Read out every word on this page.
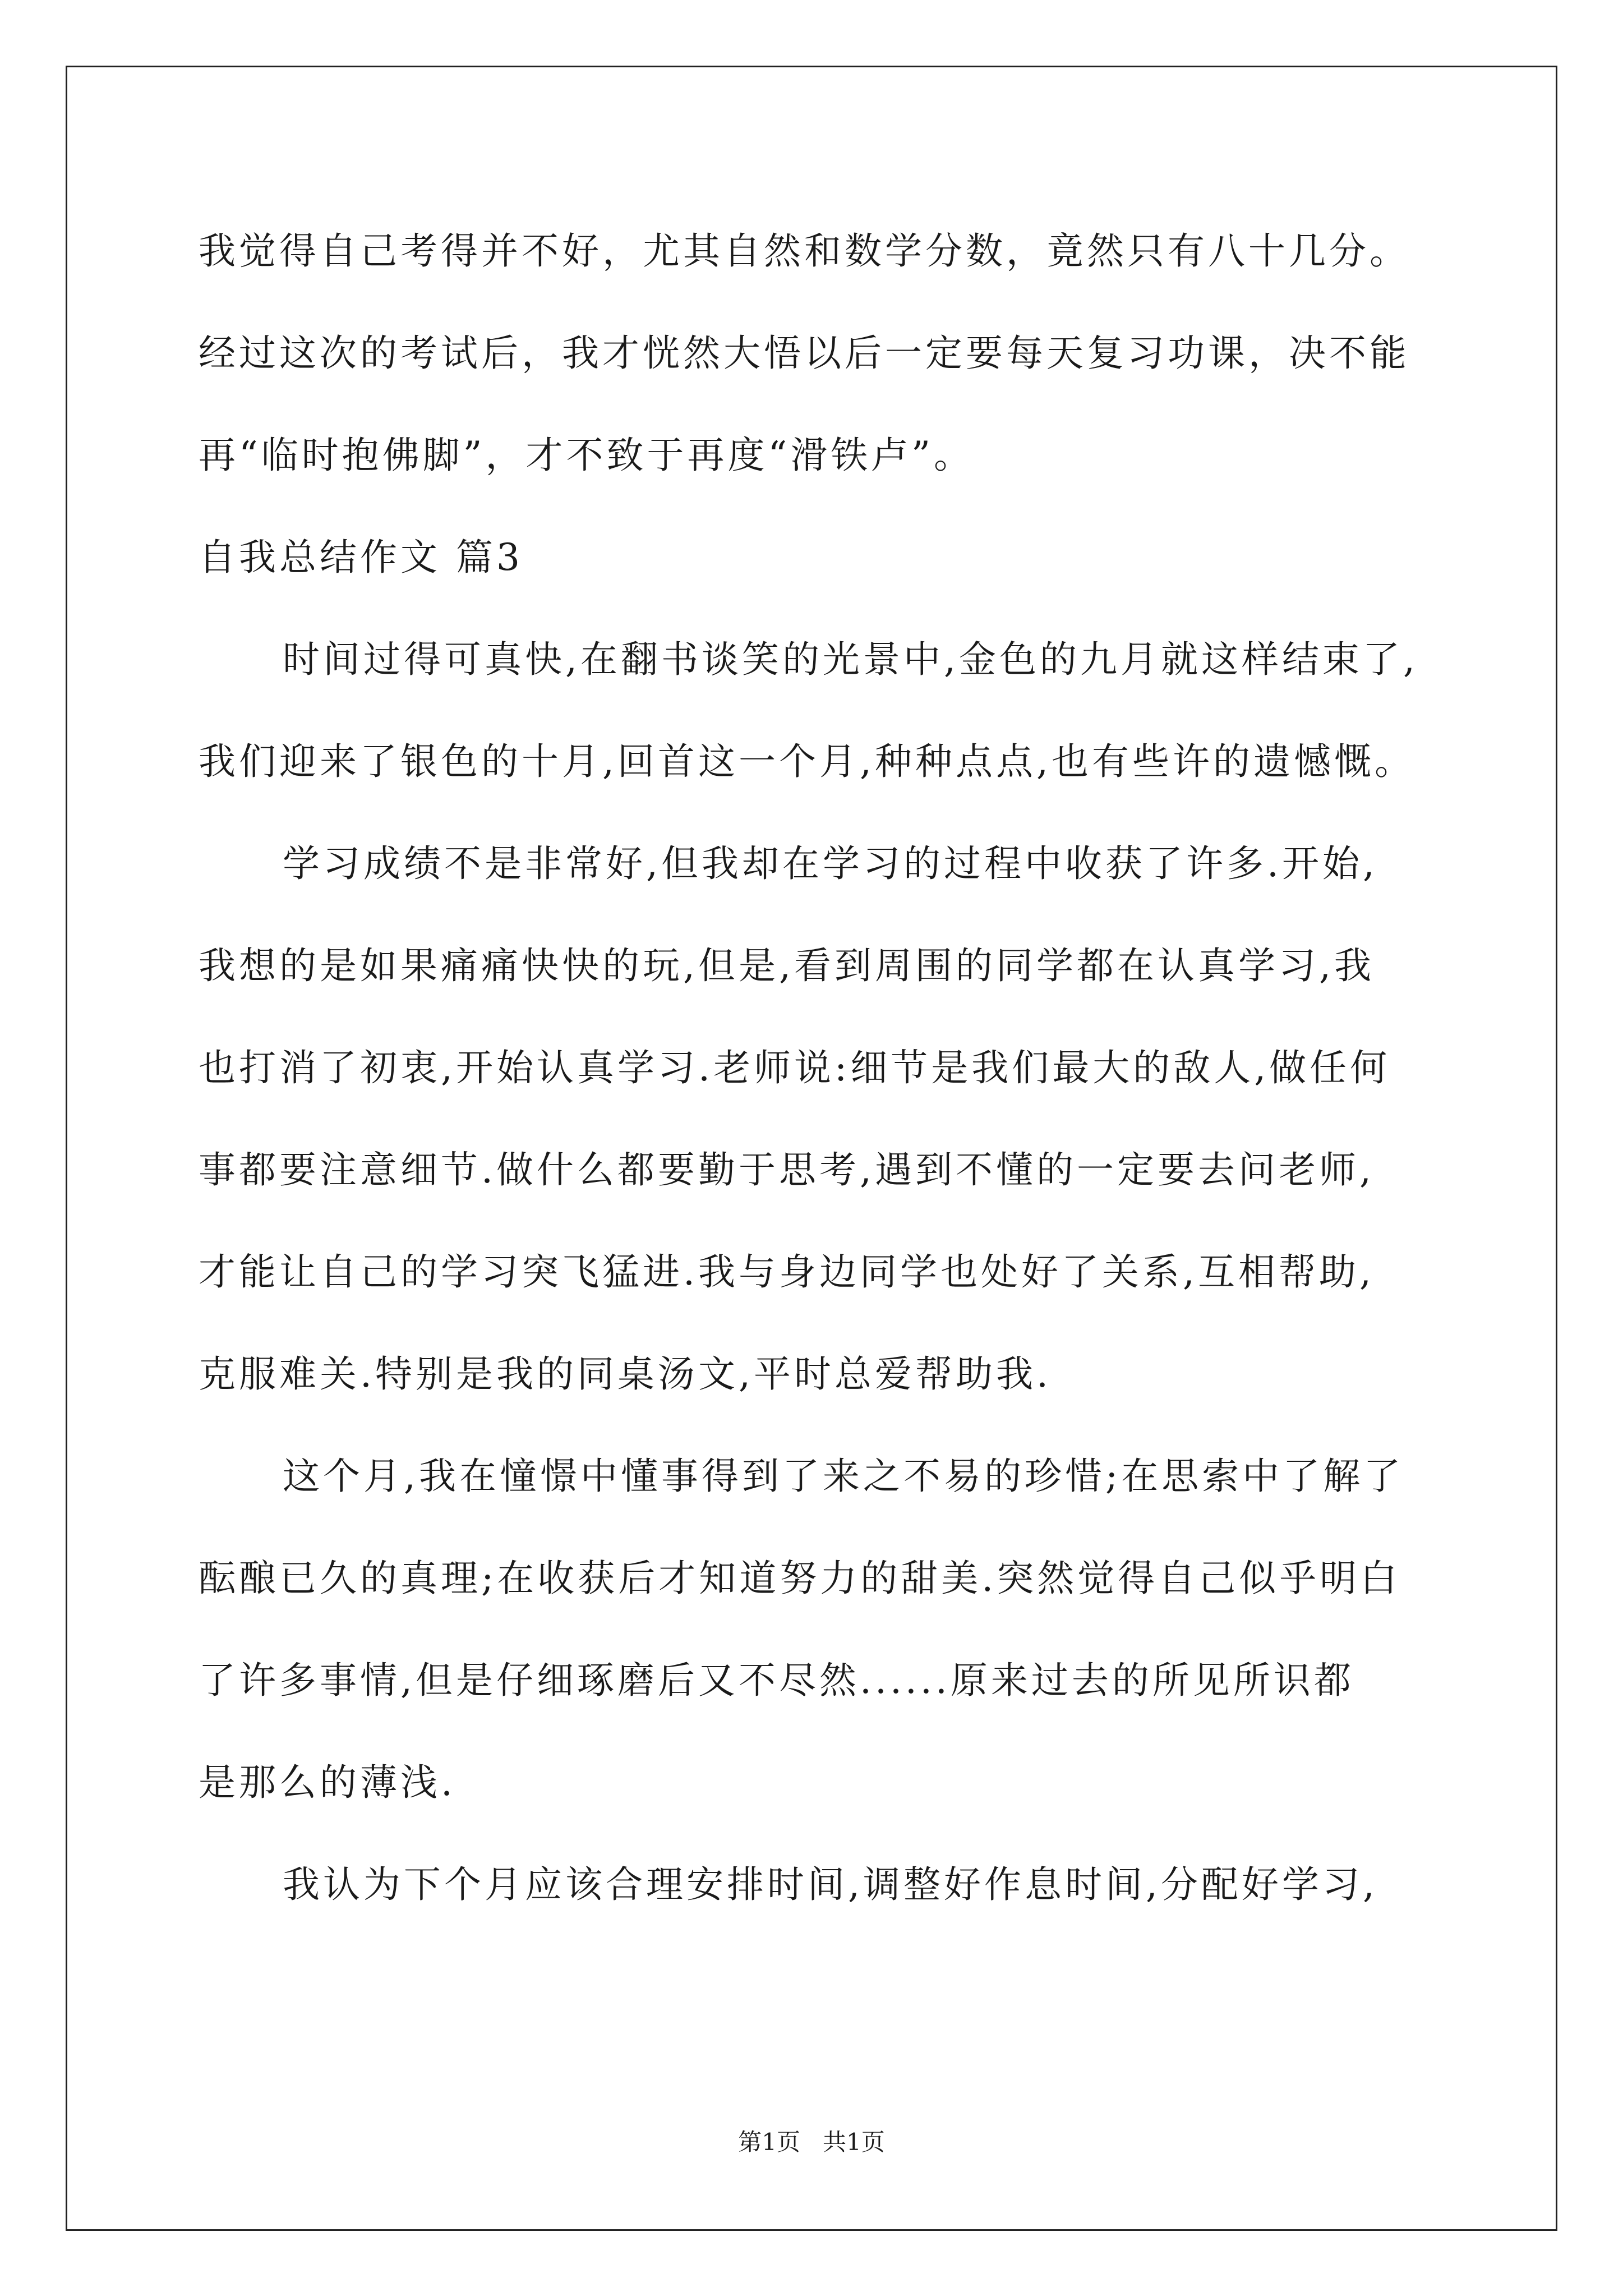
我觉得自己考得并不好，尤其自然和数学分数，竟然只有八十几分。
经过这次的考试后，我才恍然大悟以后一定要每天复习功课，决不能
再“临时抱佛脚”，才不致于再度“滑铁卢”。
自我总结作文 篇3
时间过得可真快,在翻书谈笑的光景中,金色的九月就这样结束了,
我们迎来了银色的十月,回首这一个月,种种点点,也有些许的遗憾慨。
学习成绩不是非常好,但我却在学习的过程中收获了许多.开始,
我想的是如果痛痛快快的玩,但是,看到周围的同学都在认真学习,我
也打消了初衷,开始认真学习.老师说:细节是我们最大的敌人,做任何
事都要注意细节.做什么都要勤于思考,遇到不懂的一定要去问老师,
才能让自己的学习突飞猛进.我与身边同学也处好了关系,互相帮助,
克服难关.特别是我的同桌汤文,平时总爱帮助我.
这个月,我在憧憬中懂事得到了来之不易的珍惜;在思索中了解了
酝酿已久的真理;在收获后才知道努力的甜美.突然觉得自己似乎明白
了许多事情,但是仔细琢磨后又不尽然......原来过去的所见所识都
是那么的薄浅.
我认为下个月应该合理安排时间,调整好作息时间,分配好学习,
第1页   共1页
